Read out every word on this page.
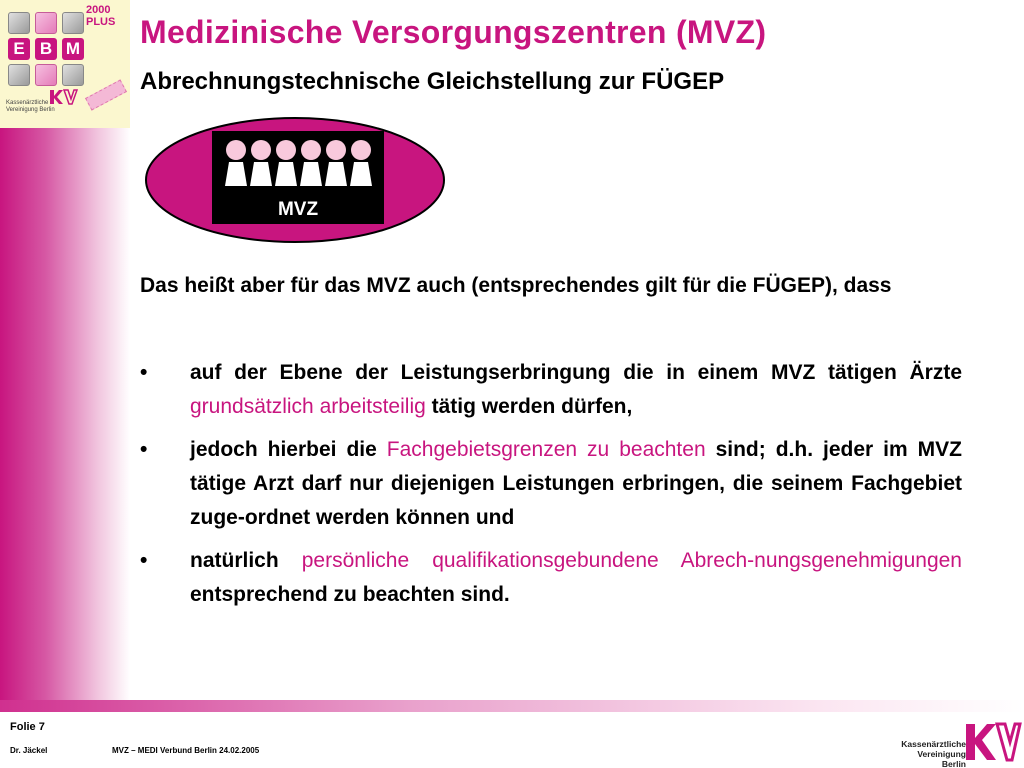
E B M
2000
PLUS
Kassenärztliche
Vereinigung Berlin
Medizinische Versorgungszentren (MVZ)
Abrechnungstechnische Gleichstellung zur FÜGEP
MVZ
Das heißt aber für das MVZ auch (entsprechendes gilt für die FÜGEP), dass
• auf der Ebene der Leistungserbringung die in einem MVZ tätigen Ärzte grundsätzlich arbeitsteilig tätig werden dürfen,
• jedoch hierbei die Fachgebietsgrenzen zu beachten sind; d.h. jeder im MVZ tätige Arzt darf nur diejenigen Leistungen erbringen, die seinem Fachgebiet zuge-ordnet werden können und
• natürlich persönliche qualifikationsgebundene Abrech-nungsgenehmigungen entsprechend zu beachten sind.
Folie 7
Dr. Jäckel	MVZ – MEDI Verbund Berlin 24.02.2005
Kassenärztliche
Vereinigung Berlin
